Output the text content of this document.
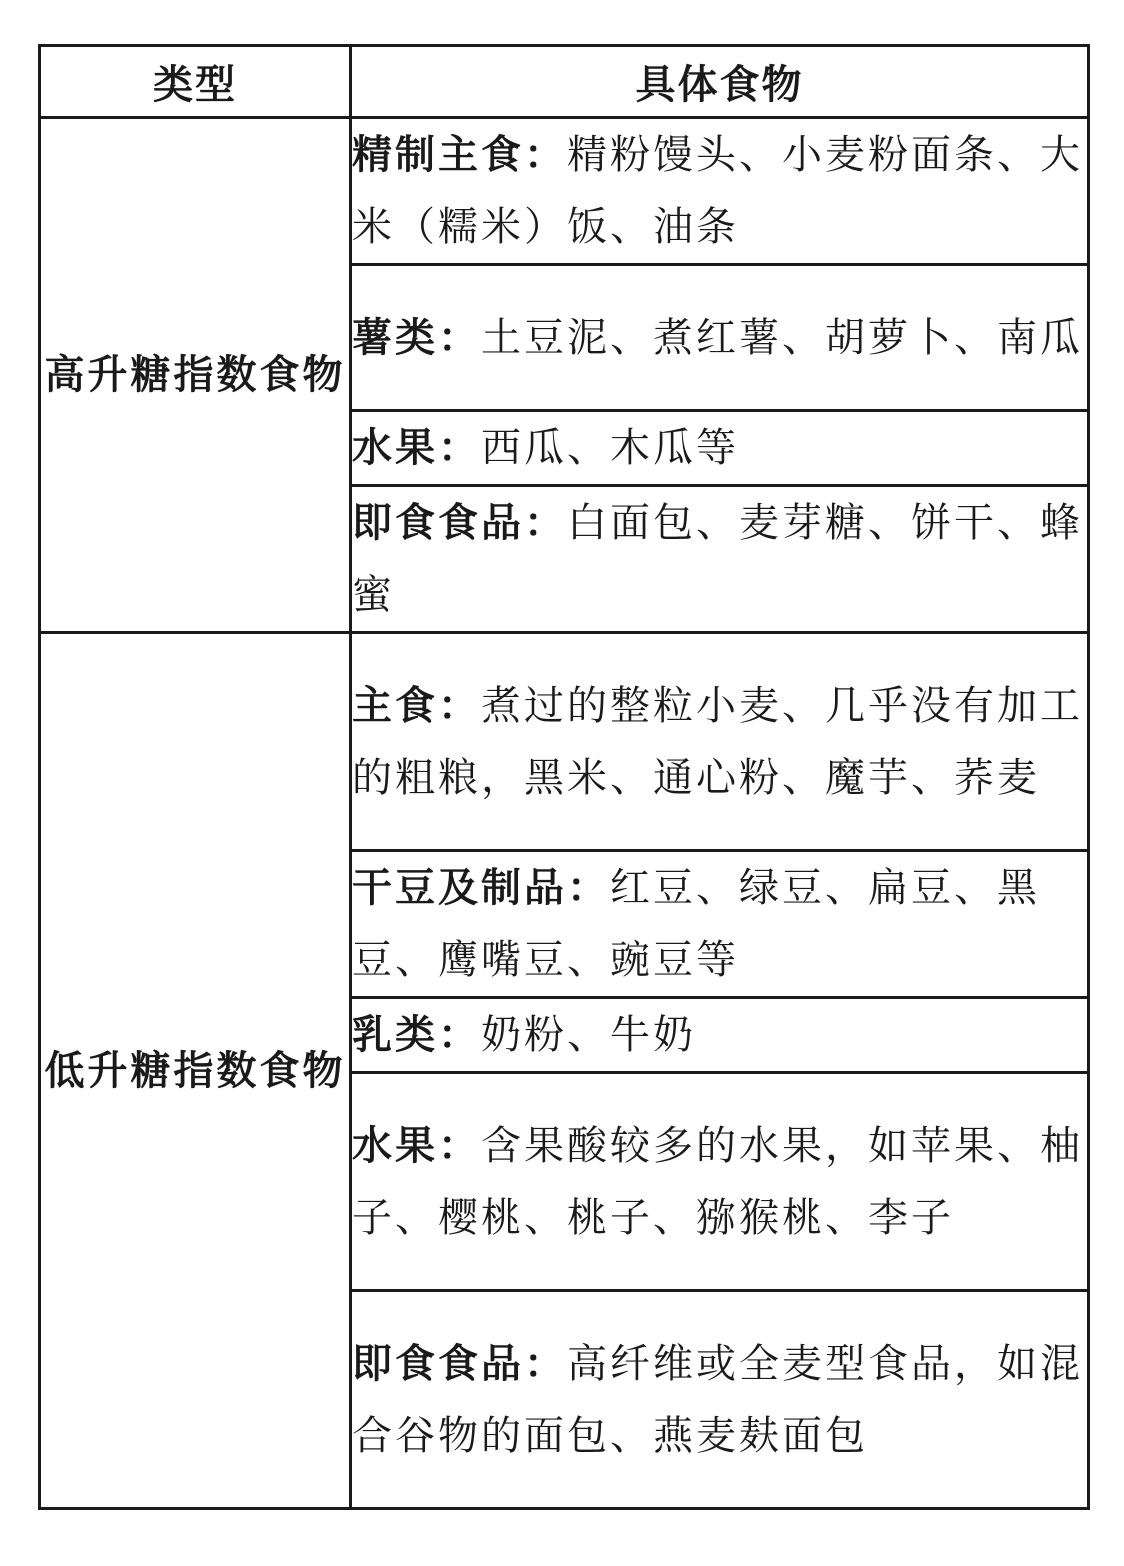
类型	具体食物
高升糖指数食物	精制主食：精粉馒头、小麦粉面条、大米（糯米）饭、油条
	薯类：土豆泥、煮红薯、胡萝卜、南瓜
	水果：西瓜、木瓜等
	即食食品：白面包、麦芽糖、饼干、蜂蜜
低升糖指数食物	主食：煮过的整粒小麦、几乎没有加工的粗粮，黑米、通心粉、魔芋、荞麦
	干豆及制品：红豆、绿豆、扁豆、黑豆、鹰嘴豆、豌豆等
	乳类：奶粉、牛奶
	水果：含果酸较多的水果，如苹果、柚子、樱桃、桃子、猕猴桃、李子
	即食食品：高纤维或全麦型食品，如混合谷物的面包、燕麦麸面包
